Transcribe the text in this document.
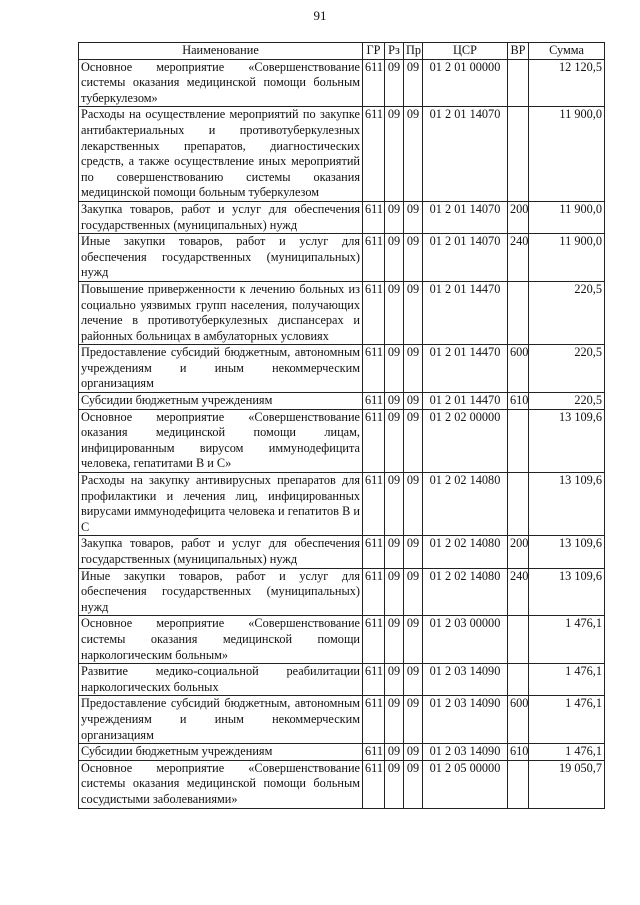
91
Наименование	ГР	Рз	Пр	ЦСР	ВР	Сумма
Основное мероприятие «Совершенствование системы оказания медицинской помощи больным туберкулезом»	611	09	09	01 2 01 00000		12 120,5
Расходы на осуществление мероприятий по закупке антибактериальных и противотуберкулезных лекарственных препаратов, диагностических средств, а также осуществление иных мероприятий по совершенствованию системы оказания медицинской помощи больным туберкулезом	611	09	09	01 2 01 14070		11 900,0
Закупка товаров, работ и услуг для обеспечения государственных (муниципальных) нужд	611	09	09	01 2 01 14070	200	11 900,0
Иные закупки товаров, работ и услуг для обеспечения государственных (муниципальных) нужд	611	09	09	01 2 01 14070	240	11 900,0
Повышение приверженности к лечению больных из социально уязвимых групп населения, получающих лечение в противотуберкулезных диспансерах и районных больницах в амбулаторных условиях	611	09	09	01 2 01 14470		220,5
Предоставление субсидий бюджетным, автономным учреждениям и иным некоммерческим организациям	611	09	09	01 2 01 14470	600	220,5
Субсидии бюджетным учреждениям	611	09	09	01 2 01 14470	610	220,5
Основное мероприятие «Совершенствование оказания медицинской помощи лицам, инфицированным вирусом иммунодефицита человека, гепатитами В и С»	611	09	09	01 2 02 00000		13 109,6
Расходы на закупку антивирусных препаратов для профилактики и лечения лиц, инфицированных вирусами иммунодефицита человека и гепатитов В и С	611	09	09	01 2 02 14080		13 109,6
Закупка товаров, работ и услуг для обеспечения государственных (муниципальных) нужд	611	09	09	01 2 02 14080	200	13 109,6
Иные закупки товаров, работ и услуг для обеспечения государственных (муниципальных) нужд	611	09	09	01 2 02 14080	240	13 109,6
Основное мероприятие «Совершенствование системы оказания медицинской помощи наркологическим больным»	611	09	09	01 2 03 00000		1 476,1
Развитие медико-социальной реабилитации наркологических больных	611	09	09	01 2 03 14090		1 476,1
Предоставление субсидий бюджетным, автономным учреждениям и иным некоммерческим организациям	611	09	09	01 2 03 14090	600	1 476,1
Субсидии бюджетным учреждениям	611	09	09	01 2 03 14090	610	1 476,1
Основное мероприятие «Совершенствование системы оказания медицинской помощи больным сосудистыми заболеваниями»	611	09	09	01 2 05 00000		19 050,7
